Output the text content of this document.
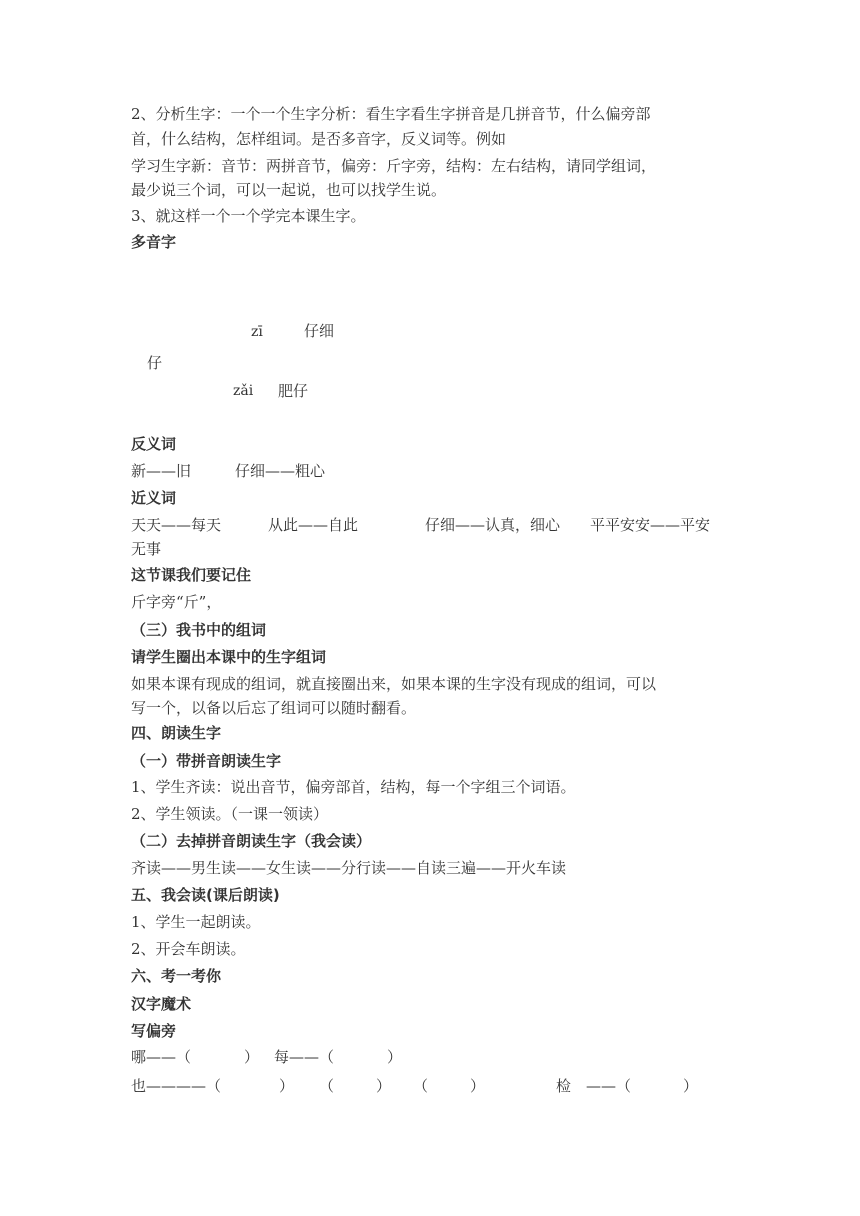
2、分析生字：一个一个生字分析：看生字看生字拼音是几拼音节，什么偏旁部
首，什么结构，怎样组词。是否多音字，反义词等。例如
学习生字新：音节：两拼音节，偏旁：斤字旁，结构：左右结构，请同学组词，
最少说三个词，可以一起说，也可以找学生说。
3、就这样一个一个学完本课生字。
多音字
zī	仔细
仔
zǎi 肥仔
反义词
新——旧	仔细——粗心
近义词
天天——每天	从此——自此	仔细——认真，细心 平平安安——平安
无事
这节课我们要记住
斤字旁“斤”，
（三）我书中的组词
请学生圈出本课中的生字组词
如果本课有现成的组词，就直接圈出来，如果本课的生字没有现成的组词，可以
写一个，以备以后忘了组词可以随时翻看。
四、朗读生字
（一）带拼音朗读生字
1、学生齐读：说出音节，偏旁部首，结构，每一个字组三个词语。
2、学生领读。（一课一领读）
（二）去掉拼音朗读生字（我会读）
齐读——男生读——女生读——分行读——自读三遍——开火车读
五、我会读(课后朗读)
1、学生一起朗读。
2、开会车朗读。
六、考一考你
汉字魔术
写偏旁
哪——（	） 每——（	）
也————（	） （	） （	）	检 ——（	）
